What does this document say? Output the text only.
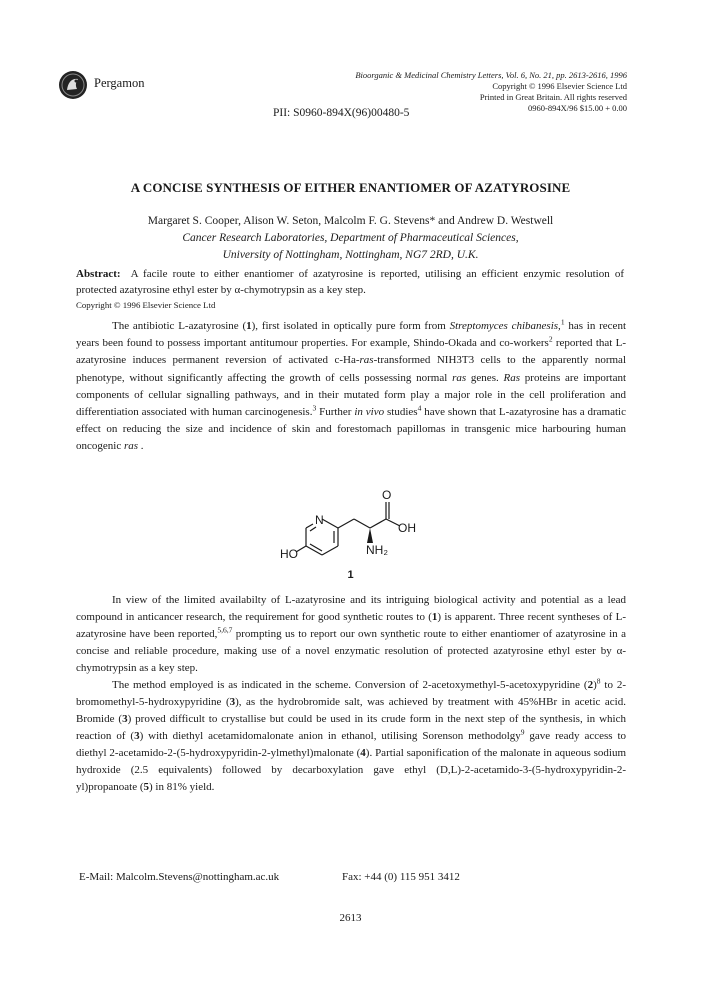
Pergamon
Bioorganic & Medicinal Chemistry Letters, Vol. 6, No. 21, pp. 2613-2616, 1996
Copyright © 1996 Elsevier Science Ltd
Printed in Great Britain. All rights reserved
0960-894X/96 $15.00 + 0.00
PII: S0960-894X(96)00480-5
A CONCISE SYNTHESIS OF EITHER ENANTIOMER OF AZATYROSINE
Margaret S. Cooper, Alison W. Seton, Malcolm F. G. Stevens* and Andrew D. Westwell
Cancer Research Laboratories, Department of Pharmaceutical Sciences,
University of Nottingham, Nottingham, NG7 2RD, U.K.
Abstract: A facile route to either enantiomer of azatyrosine is reported, utilising an efficient enzymic resolution of protected azatyrosine ethyl ester by α-chymotrypsin as a key step.
Copyright © 1996 Elsevier Science Ltd

The antibiotic L-azatyrosine (1), first isolated in optically pure form from Streptomyces chibanesis,$^1$ has in recent years been found to possess important antitumour properties. For example, Shindo-Okada and co-workers$^2$ reported that L-azatyrosine induces permanent reversion of activated c-Ha-ras-transformed NIH3T3 cells to the apparently normal phenotype, without significantly affecting the growth of cells possessing normal ras genes. Ras proteins are important components of cellular signalling pathways, and in their mutated form play a major role in the cell proliferation and differentiation associated with human carcinogenesis.$^3$ Further in vivo studies$^4$ have shown that L-azatyrosine has a dramatic effect on reducing the size and incidence of skin and forestomach papillomas in transgenic mice harbouring human oncogenic ras .

N
O
OH
NH₂
HO
1

In view of the limited availabilty of L-azatyrosine and its intriguing biological activity and potential as a lead compound in anticancer research, the requirement for good synthetic routes to (1) is apparent. Three recent syntheses of L-azatyrosine have been reported,$^{5,6,7}$ prompting us to report our own synthetic route to either enantiomer of azatyrosine in a concise and reliable procedure, making use of a novel enzymatic resolution of protected azatyrosine ethyl ester by α-chymotrypsin as a key step.

The method employed is as indicated in the scheme. Conversion of 2-acetoxymethyl-5-acetoxypyridine $(2)^8$ to 2-bromomethyl-5-hydroxypyridine (3), as the hydrobromide salt, was achieved by treatment with 45%HBr in acetic acid. Bromide (3) proved difficult to crystallise but could be used in its crude form in the next step of the synthesis, in which reaction of (3) with diethyl acetamidomalonate anion in ethanol, utilising Sorenson methodolgy$^9$ gave ready access to diethyl 2-acetamido-2-(5-hydroxypyridin-2-ylmethyl)malonate (4). Partial saponification of the malonate in aqueous sodium hydroxide (2.5 equivalents) followed by decarboxylation gave ethyl (D,L)-2-acetamido-3-(5-hydroxypyridin-2-yl)propanoate (5) in 81% yield.

E-Mail: Malcolm.Stevens@nottingham.ac.uk	Fax: +44 (0) 115 951 3412
2613
